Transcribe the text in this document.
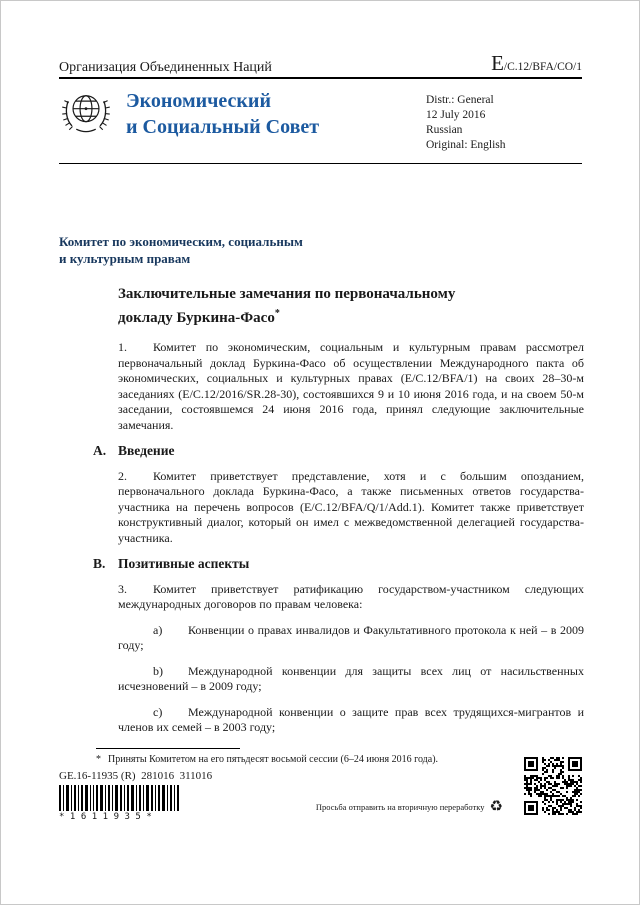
Организация Объединенных Наций	E/C.12/BFA/CO/1
Экономический
и Социальный Совет
Distr.: General
12 July 2016
Russian
Original: English
Комитет по экономическим, социальным
и культурным правам
Заключительные замечания по первоначальному
докладу Буркина-Фасо*

1. Комитет по экономическим, социальным и культурным правам рассмотрел первоначальный доклад Буркина-Фасо об осуществлении Международного пакта об экономических, социальных и культурных правах (E/C.12/BFA/1) на своих 28–30-м заседаниях (E/C.12/2016/SR.28-30), состоявшихся 9 и 10 июня 2016 года, и на своем 50-м заседании, состоявшемся 24 июня 2016 года, принял следующие заключительные замечания.

A. Введение

2. Комитет приветствует представление, хотя и с большим опозданием, первоначального доклада Буркина-Фасо, а также письменных ответов государства-участника на перечень вопросов (E/C.12/BFA/Q/1/Add.1). Комитет также приветствует конструктивный диалог, который он имел с межведомственной делегацией государства-участника.

B. Позитивные аспекты

3. Комитет приветствует ратификацию государством-участником следующих международных договоров по правам человека:

a) Конвенции о правах инвалидов и Факультативного протокола к ней – в 2009 году;

b) Международной конвенции для защиты всех лиц от насильственных исчезновений – в 2009 году;

c) Международной конвенции о защите прав всех трудящихся-мигрантов и членов их семей – в 2003 году;

* Приняты Комитетом на его пятьдесят восьмой сессии (6–24 июня 2016 года).
GE.16-11935 (R)  281016  311016
*1611935*
Просьба отправить на вторичную переработку ♻
